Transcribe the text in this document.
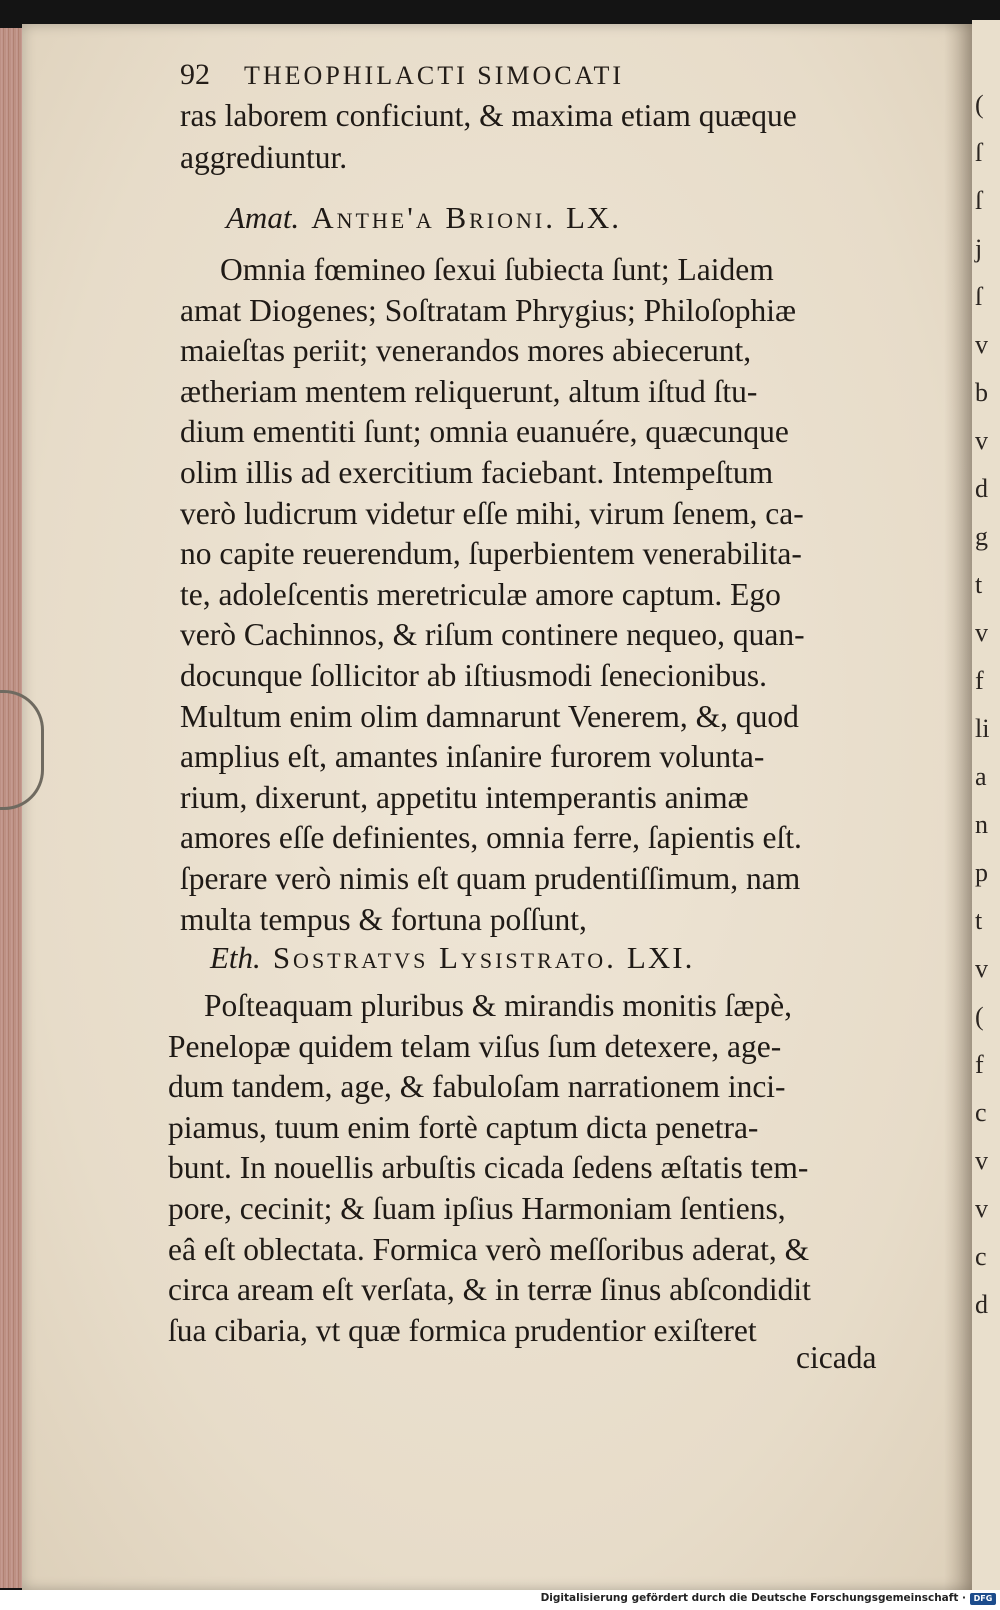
(
ſ
ſ
j
ſ
v
b
v
d
g
t
v
f
li
a
n
p
t
v
(
f
c
v
v
c
d
92 THEOPHILACTI SIMOCATI
ras laborem conficiunt, & maxima etiam quæque
aggrediuntur.
Amat. Anthe'a Brioni. LX.
Omnia fœmineo ſexui ſubiecta ſunt; Laidem
amat Diogenes; Soſtratam Phrygius; Philoſophiæ
maieſtas periit; venerandos mores abiecerunt,
ætheriam mentem reliquerunt, altum iſtud ſtu-
dium ementiti ſunt; omnia euanuére, quæcunque
olim illis ad exercitium faciebant. Intempeſtum
verò ludicrum videtur eſſe mihi, virum ſenem, ca-
no capite reuerendum, ſuperbientem venerabilita-
te, adoleſcentis meretriculæ amore captum. Ego
verò Cachinnos, & riſum continere nequeo, quan-
docunque ſollicitor ab iſtiusmodi ſenecionibus.
Multum enim olim damnarunt Venerem, &, quod
amplius eſt, amantes inſanire furorem volunta-
rium, dixerunt, appetitu intemperantis animæ
amores eſſe definientes, omnia ferre, ſapientis eſt.
ſperare verò nimis eſt quam prudentiſſimum, nam
multa tempus & fortuna poſſunt,
Eth. Sostratvs Lysistrato. LXI.
Poſteaquam pluribus & mirandis monitis ſæpè,
Penelopæ quidem telam viſus ſum detexere, age-
dum tandem, age, & fabuloſam narrationem inci-
piamus, tuum enim fortè captum dicta penetra-
bunt. In nouellis arbuſtis cicada ſedens æſtatis tem-
pore, cecinit; & ſuam ipſius Harmoniam ſentiens,
eâ eſt oblectata. Formica verò meſſoribus aderat, &
circa aream eſt verſata, & in terræ ſinus abſcondidit
ſua cibaria, vt quæ formica prudentior exiſteret
cicada
Digitalisierung gefördert durch die Deutsche Forschungsgemeinschaft · DFG
